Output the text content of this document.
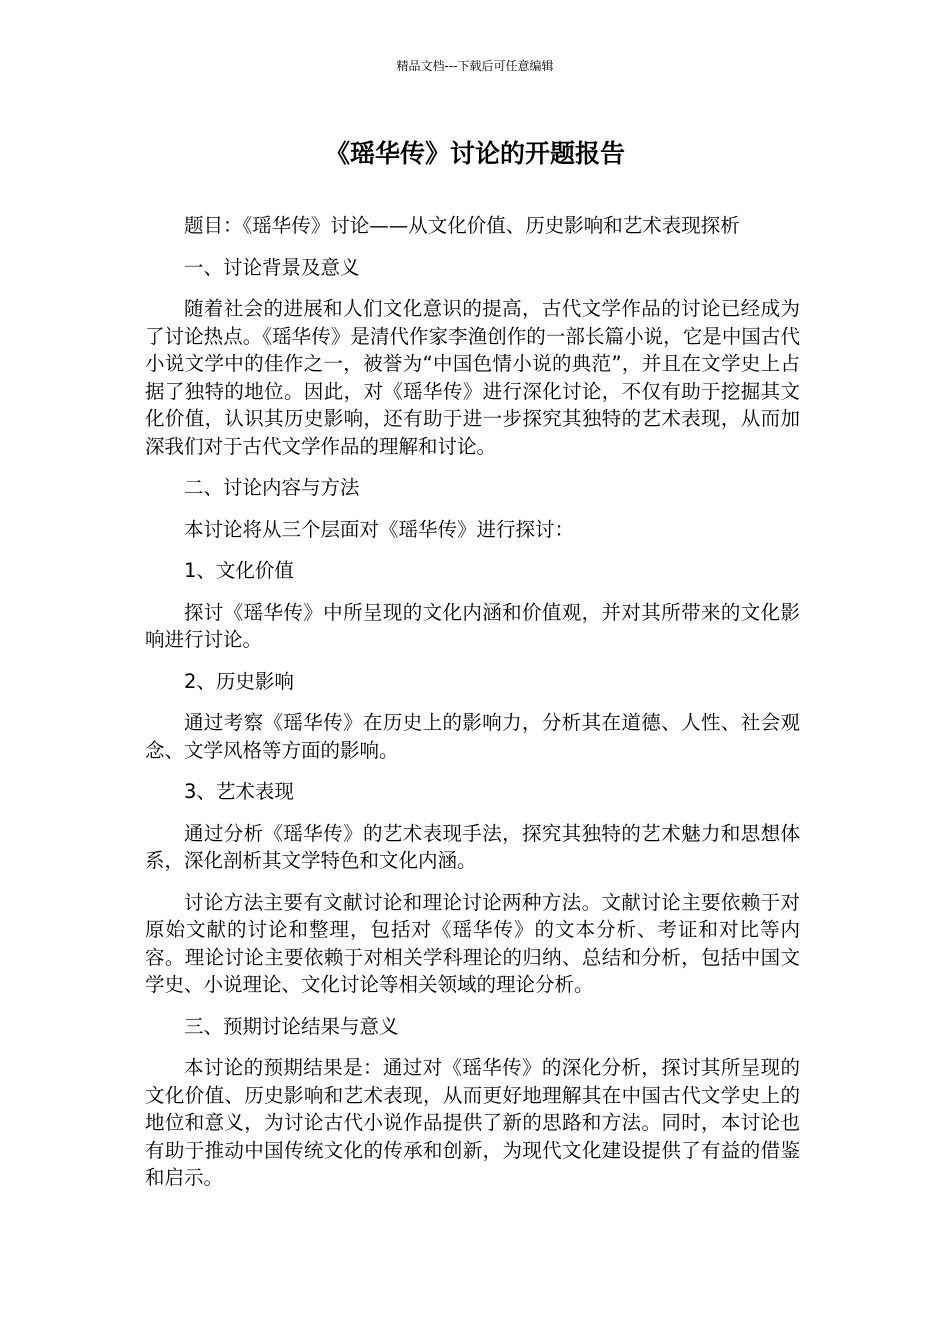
精品文档---下载后可任意编辑
《瑶华传》讨论的开题报告

题目：《瑶华传》讨论——从文化价值、历史影响和艺术表现探析

一、讨论背景及意义

随着社会的进展和人们文化意识的提高，古代文学作品的讨论已经成为了讨论热点。《瑶华传》是清代作家李渔创作的一部长篇小说，它是中国古代小说文学中的佳作之一，被誉为“中国色情小说的典范”，并且在文学史上占据了独特的地位。因此，对《瑶华传》进行深化讨论，不仅有助于挖掘其文化价值，认识其历史影响，还有助于进一步探究其独特的艺术表现，从而加深我们对于古代文学作品的理解和讨论。

二、讨论内容与方法

本讨论将从三个层面对《瑶华传》进行探讨：

1、文化价值

探讨《瑶华传》中所呈现的文化内涵和价值观，并对其所带来的文化影响进行讨论。

2、历史影响

通过考察《瑶华传》在历史上的影响力，分析其在道德、人性、社会观念、文学风格等方面的影响。

3、艺术表现

通过分析《瑶华传》的艺术表现手法，探究其独特的艺术魅力和思想体系，深化剖析其文学特色和文化内涵。

讨论方法主要有文献讨论和理论讨论两种方法。文献讨论主要依赖于对原始文献的讨论和整理，包括对《瑶华传》的文本分析、考证和对比等内容。理论讨论主要依赖于对相关学科理论的归纳、总结和分析，包括中国文学史、小说理论、文化讨论等相关领域的理论分析。

三、预期讨论结果与意义

本讨论的预期结果是：通过对《瑶华传》的深化分析，探讨其所呈现的文化价值、历史影响和艺术表现，从而更好地理解其在中国古代文学史上的地位和意义，为讨论古代小说作品提供了新的思路和方法。同时，本讨论也有助于推动中国传统文化的传承和创新，为现代文化建设提供了有益的借鉴和启示。
